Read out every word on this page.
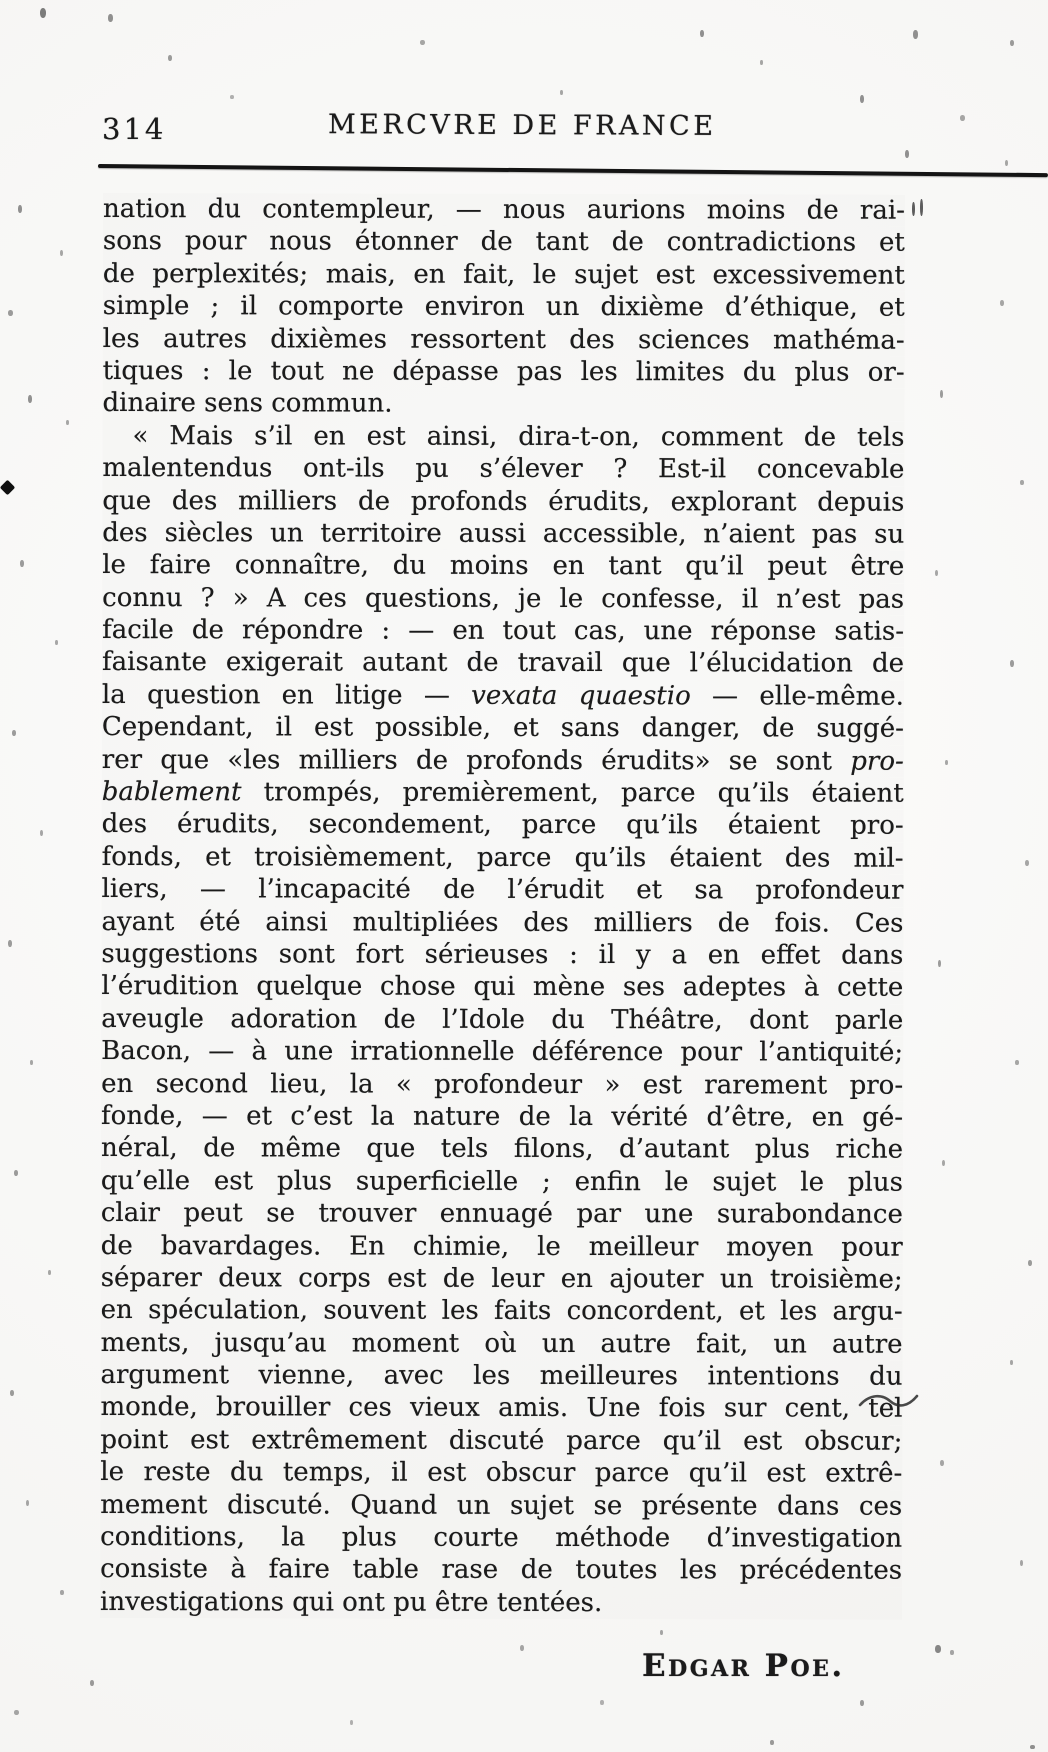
314	MERCVRE DE FRANCE
nation du contempleur, — nous aurions moins de rai-
sons pour nous étonner de tant de contradictions et
de perplexités; mais, en fait, le sujet est excessivement
simple ; il comporte environ un dixième d’éthique, et
les autres dixièmes ressortent des sciences mathéma-
tiques : le tout ne dépasse pas les limites du plus or-
dinaire sens commun.
« Mais s’il en est ainsi, dira-t-on, comment de tels
malentendus ont-ils pu s’élever ? Est-il concevable
que des milliers de profonds érudits, explorant depuis
des siècles un territoire aussi accessible, n’aient pas su
le faire connaître, du moins en tant qu’il peut être
connu ? » A ces questions, je le confesse, il n’est pas
facile de répondre : — en tout cas, une réponse satis-
faisante exigerait autant de travail que l’élucidation de
la question en litige — vexata quaestio — elle-même.
Cependant, il est possible, et sans danger, de suggé-
rer que «les milliers de profonds érudits» se sont pro-
bablement trompés, premièrement, parce qu’ils étaient
des érudits, secondement, parce qu’ils étaient pro-
fonds, et troisièmement, parce qu’ils étaient des mil-
liers, — l’incapacité de l’érudit et sa profondeur
ayant été ainsi multipliées des milliers de fois. Ces
suggestions sont fort sérieuses : il y a en effet dans
l’érudition quelque chose qui mène ses adeptes à cette
aveugle adoration de l’Idole du Théâtre, dont parle
Bacon, — à une irrationnelle déférence pour l’antiquité;
en second lieu, la « profondeur » est rarement pro-
fonde, — et c’est la nature de la vérité d’être, en gé-
néral, de même que tels filons, d’autant plus riche
qu’elle est plus superficielle ; enfin le sujet le plus
clair peut se trouver ennuagé par une surabondance
de bavardages. En chimie, le meilleur moyen pour
séparer deux corps est de leur en ajouter un troisième;
en spéculation, souvent les faits concordent, et les argu-
ments, jusqu’au moment où un autre fait, un autre
argument vienne, avec les meilleures intentions du
monde, brouiller ces vieux amis. Une fois sur cent, tel
point est extrêmement discuté parce qu’il est obscur;
le reste du temps, il est obscur parce qu’il est extrê-
mement discuté. Quand un sujet se présente dans ces
conditions, la plus courte méthode d’investigation
consiste à faire table rase de toutes les précédentes
investigations qui ont pu être tentées.
Edgar Poe.
